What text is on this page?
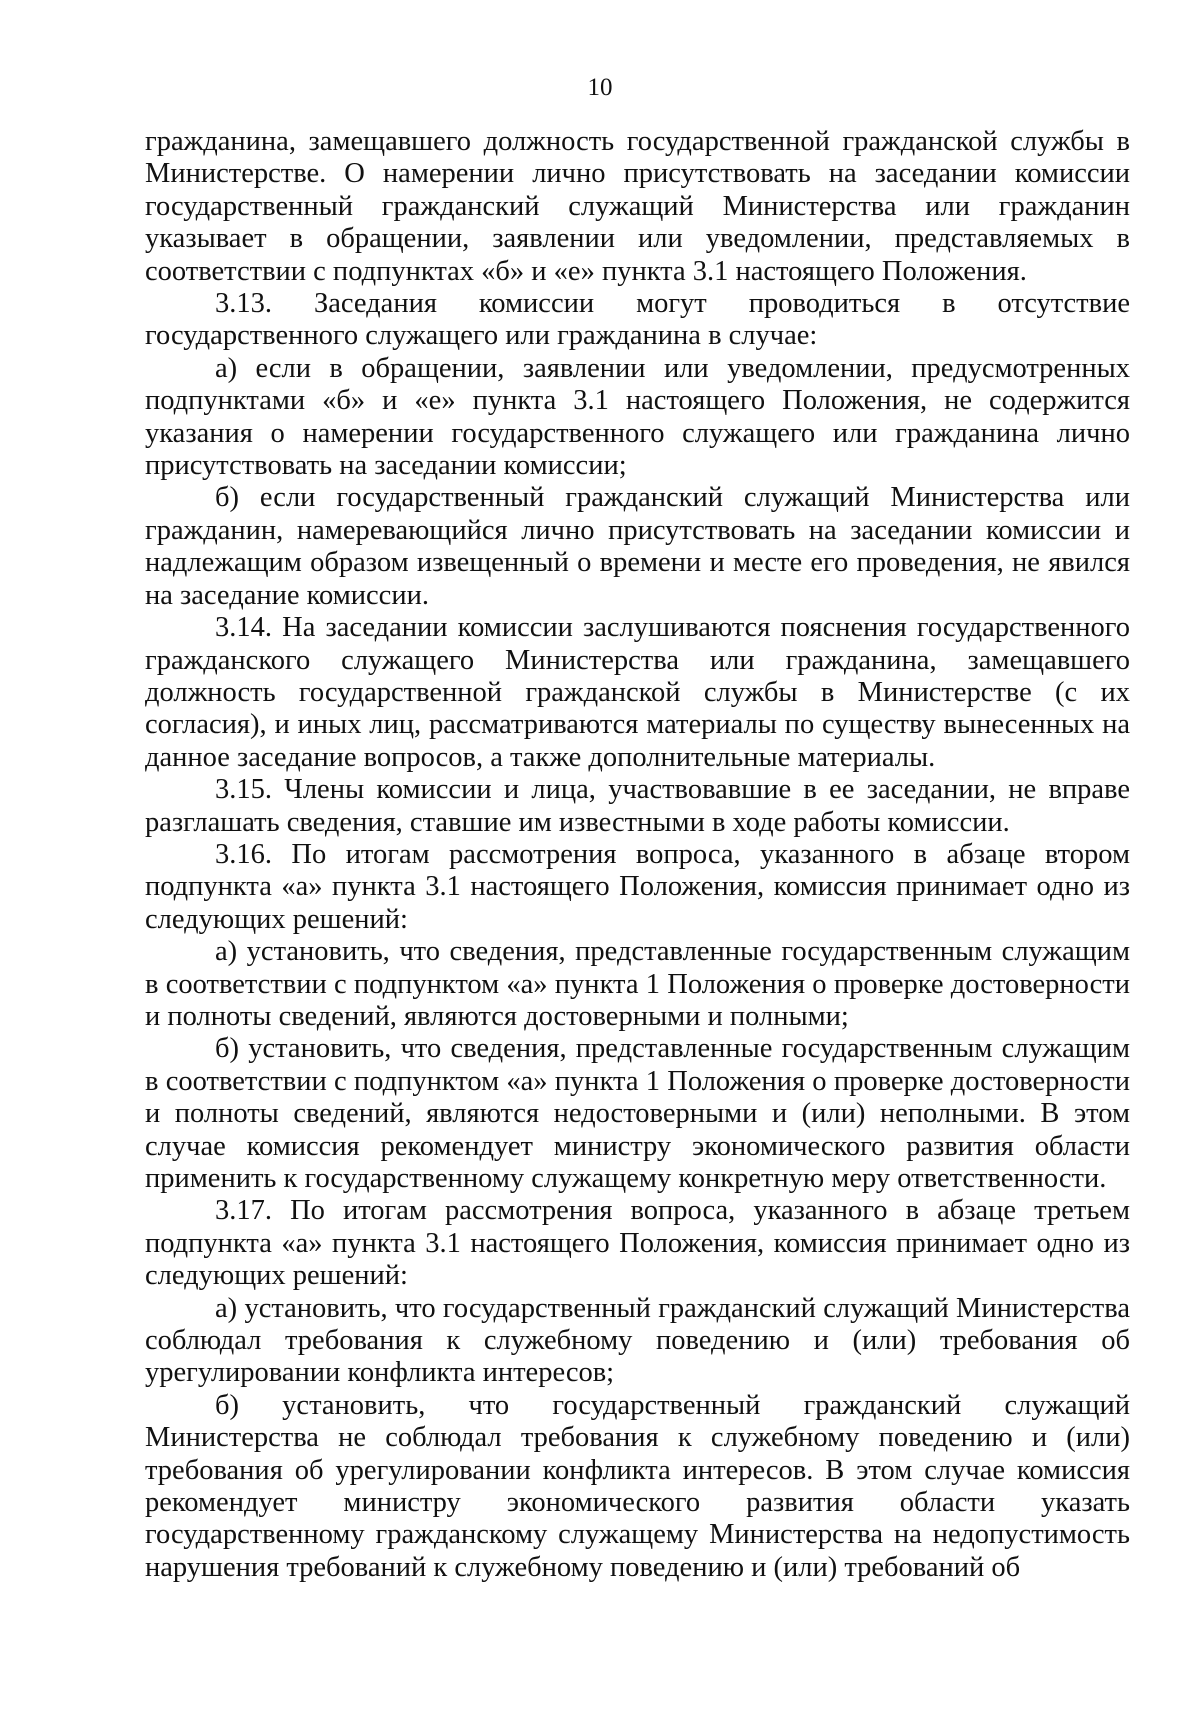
10

гражданина, замещавшего должность государственной гражданской службы в Министерстве. О намерении лично присутствовать на заседании комиссии государственный гражданский служащий Министерства или гражданин указывает в обращении, заявлении или уведомлении, представляемых в соответствии с подпунктах «б» и «е» пункта 3.1 настоящего Положения.

3.13. Заседания комиссии могут проводиться в отсутствие государственного служащего или гражданина в случае:

а) если в обращении, заявлении или уведомлении, предусмотренных подпунктами «б» и «е» пункта 3.1 настоящего Положения, не содержится указания о намерении государственного служащего или гражданина лично присутствовать на заседании комиссии;

б) если государственный гражданский служащий Министерства или гражданин, намеревающийся лично присутствовать на заседании комиссии и надлежащим образом извещенный о времени и месте его проведения, не явился на заседание комиссии.

3.14. На заседании комиссии заслушиваются пояснения государственного гражданского служащего Министерства или гражданина, замещавшего должность государственной гражданской службы в Министерстве (с их согласия), и иных лиц, рассматриваются материалы по существу вынесенных на данное заседание вопросов, а также дополнительные материалы.

3.15. Члены комиссии и лица, участвовавшие в ее заседании, не вправе разглашать сведения, ставшие им известными в ходе работы комиссии.

3.16. По итогам рассмотрения вопроса, указанного в абзаце втором подпункта «а» пункта 3.1 настоящего Положения, комиссия принимает одно из следующих решений:

а) установить, что сведения, представленные государственным служащим в соответствии с подпунктом «а» пункта 1 Положения о проверке достоверности и полноты сведений, являются достоверными и полными;

б) установить, что сведения, представленные государственным служащим в соответствии с подпунктом «а» пункта 1 Положения о проверке достоверности и полноты сведений, являются недостоверными и (или) неполными. В этом случае комиссия рекомендует министру экономического развития области применить к государственному служащему конкретную меру ответственности.

3.17. По итогам рассмотрения вопроса, указанного в абзаце третьем подпункта «а» пункта 3.1 настоящего Положения, комиссия принимает одно из следующих решений:

а) установить, что государственный гражданский служащий Министерства соблюдал требования к служебному поведению и (или) требования об урегулировании конфликта интересов;

б) установить, что государственный гражданский служащий Министерства не соблюдал требования к служебному поведению и (или) требования об урегулировании конфликта интересов. В этом случае комиссия рекомендует министру экономического развития области указать государственному гражданскому служащему Министерства на недопустимость нарушения требований к служебному поведению и (или) требований об
